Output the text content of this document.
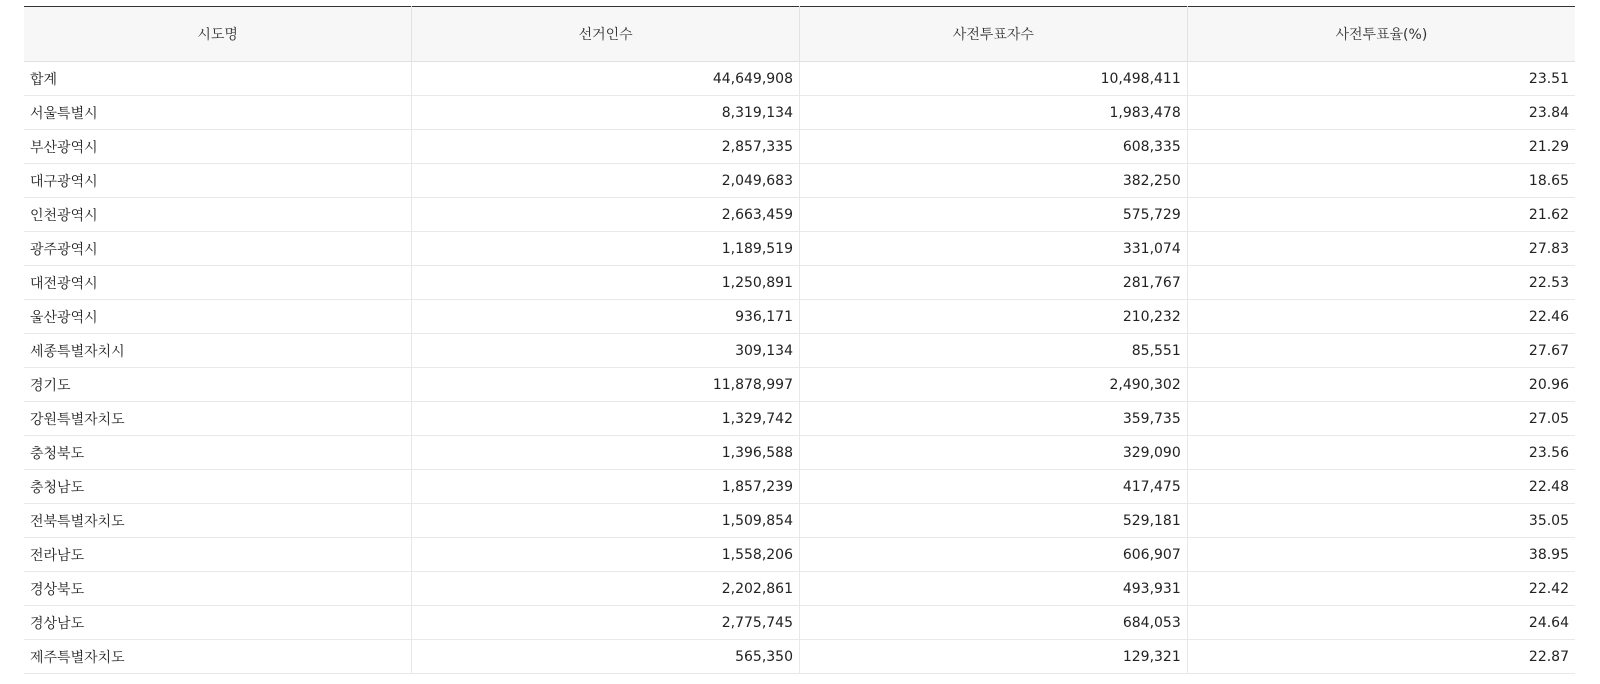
시도명	선거인수	사전투표자수	사전투표율(%)
합계	44,649,908	10,498,411	23.51
서울특별시	8,319,134	1,983,478	23.84
부산광역시	2,857,335	608,335	21.29
대구광역시	2,049,683	382,250	18.65
인천광역시	2,663,459	575,729	21.62
광주광역시	1,189,519	331,074	27.83
대전광역시	1,250,891	281,767	22.53
울산광역시	936,171	210,232	22.46
세종특별자치시	309,134	85,551	27.67
경기도	11,878,997	2,490,302	20.96
강원특별자치도	1,329,742	359,735	27.05
충청북도	1,396,588	329,090	23.56
충청남도	1,857,239	417,475	22.48
전북특별자치도	1,509,854	529,181	35.05
전라남도	1,558,206	606,907	38.95
경상북도	2,202,861	493,931	22.42
경상남도	2,775,745	684,053	24.64
제주특별자치도	565,350	129,321	22.87
